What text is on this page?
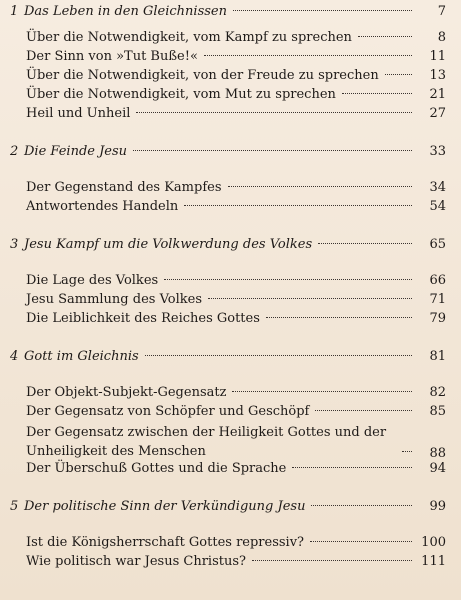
1 Das Leben in den Gleichnissen	7
Über die Notwendigkeit, vom Kampf zu sprechen	8
Der Sinn von »Tut Buße!«	11
Über die Notwendigkeit, von der Freude zu sprechen	13
Über die Notwendigkeit, vom Mut zu sprechen	21
Heil und Unheil	27
2 Die Feinde Jesu	33
Der Gegenstand des Kampfes	34
Antwortendes Handeln	54
3 Jesu Kampf um die Volkwerdung des Volkes	65
Die Lage des Volkes	66
Jesu Sammlung des Volkes	71
Die Leiblichkeit des Reiches Gottes	79
4 Gott im Gleichnis	81
Der Objekt-Subjekt-Gegensatz	82
Der Gegensatz von Schöpfer und Geschöpf	85
Der Gegensatz zwischen der Heiligkeit Gottes und der Unheiligkeit des Menschen	88
Der Überschuß Gottes und die Sprache	94
5 Der politische Sinn der Verkündigung Jesu	99
Ist die Königsherrschaft Gottes repressiv?	100
Wie politisch war Jesus Christus?	111
